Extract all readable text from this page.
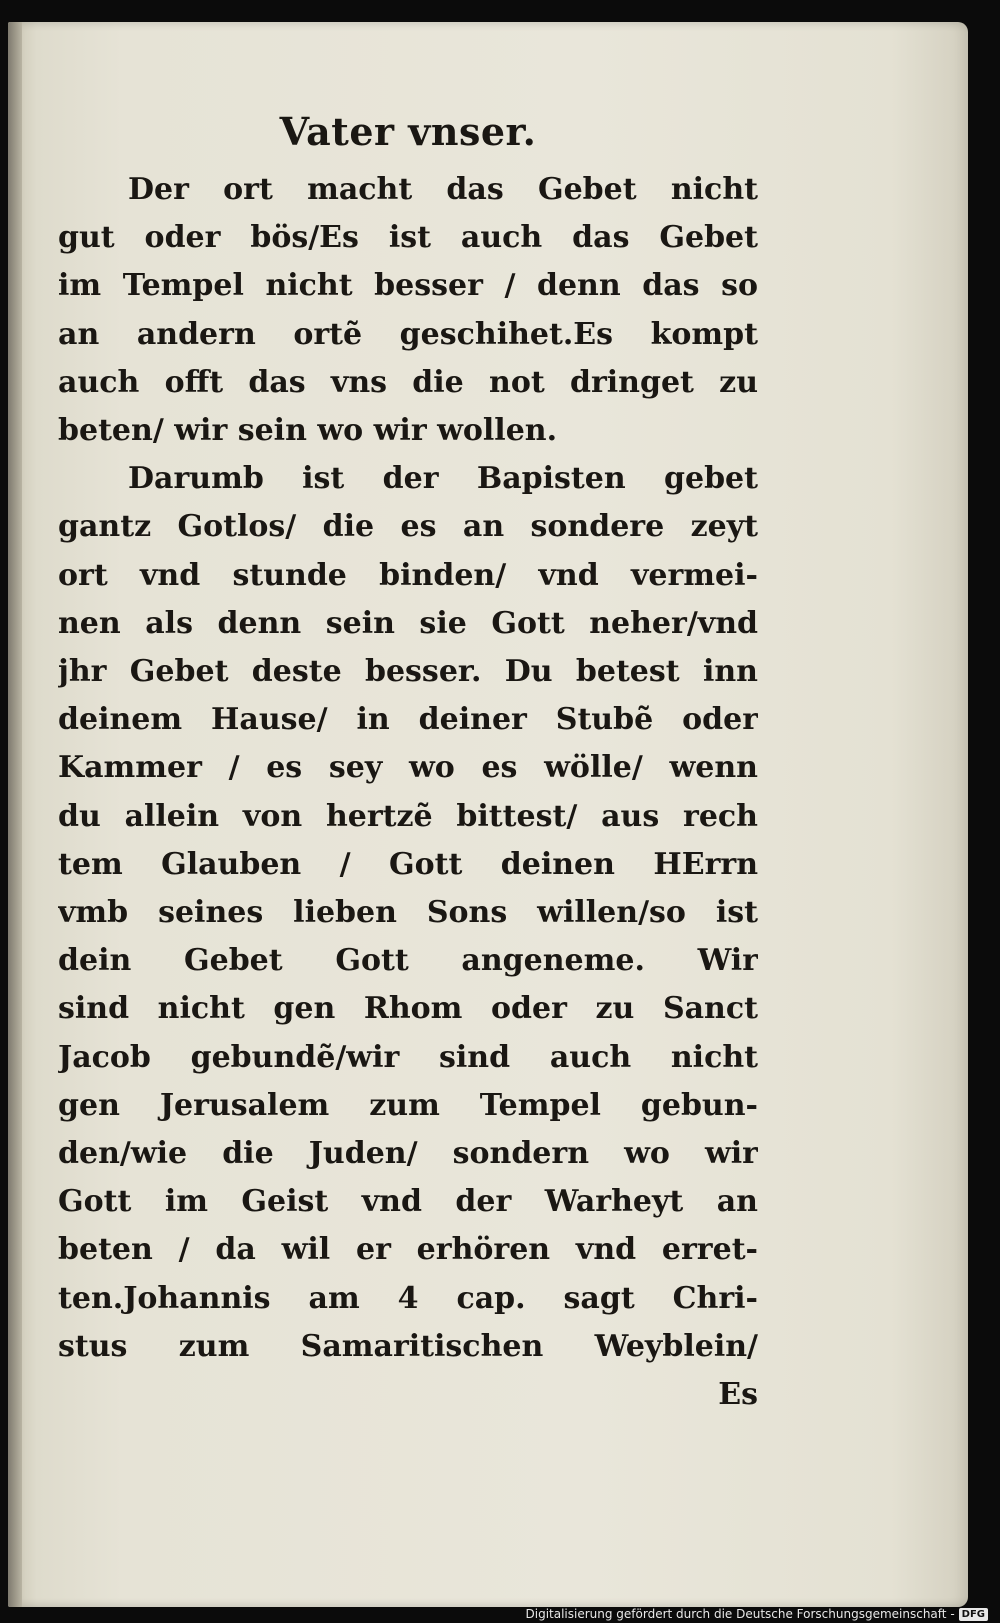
Vater vnser.
Der ort macht das Gebet nicht
gut oder bös/Es ist auch das Gebet
im Tempel nicht besser / denn das so
an andern ortẽ geschihet.Es kompt
auch offt das vns die not dringet zu
beten/ wir sein wo wir wollen.
Darumb ist der Bapisten gebet
gantz Gotlos/ die es an sondere zeyt
ort vnd stunde binden/ vnd vermei-
nen als denn sein sie Gott neher/vnd
jhr Gebet deste besser. Du betest inn
deinem Hause/ in deiner Stubẽ oder
Kammer / es sey wo es wölle/ wenn
du allein von hertzẽ bittest/ aus rech
tem Glauben / Gott deinen HErrn
vmb seines lieben Sons willen/so ist
dein Gebet Gott angeneme. Wir
sind nicht gen Rhom oder zu Sanct
Jacob gebundẽ/wir sind auch nicht
gen Jerusalem zum Tempel gebun-
den/wie die Juden/ sondern wo wir
Gott im Geist vnd der Warheyt an
beten / da wil er erhören vnd erret-
ten.Johannis am 4 cap. sagt Chri-
stus zum Samaritischen Weyblein/
Es
Digitalisierung gefördert durch die Deutsche Forschungsgemeinschaft - DFG
